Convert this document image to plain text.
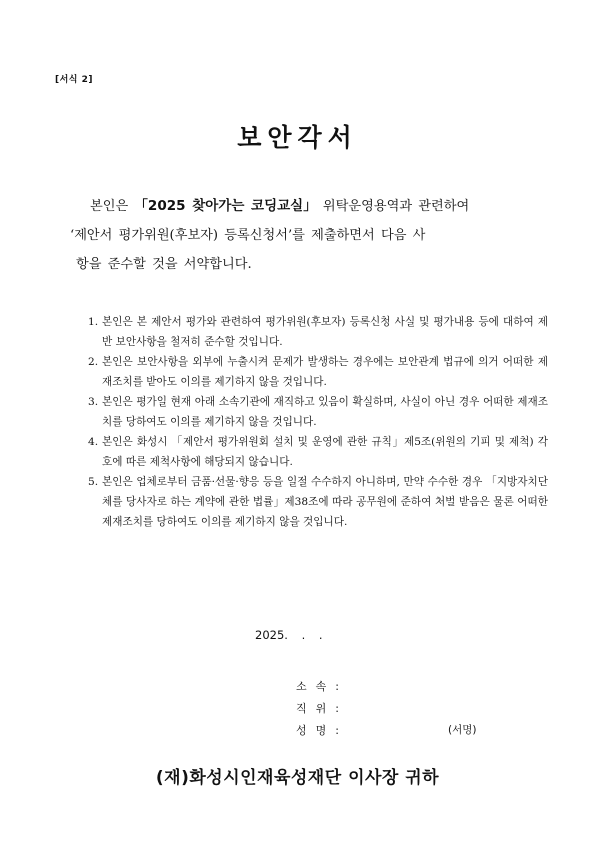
[서식 2]
보안각서
본인은 「2025 찾아가는 코딩교실」 위탁운영용역과 관련하여
‘제안서 평가위원(후보자) 등록신청서’를 제출하면서 다음 사
항을 준수할 것을 서약합니다.
1. 본인은 본 제안서 평가와 관련하여 평가위원(후보자) 등록신청 사실 및 평가내용 등에 대하여 제반 보안사항을 철저히 준수할 것입니다.
2. 본인은 보안사항을 외부에 누출시켜 문제가 발생하는 경우에는 보안관계 법규에 의거 어떠한 제재조치를 받아도 이의를 제기하지 않을 것입니다.
3. 본인은 평가일 현재 아래 소속기관에 재직하고 있음이 확실하며, 사실이 아닌 경우 어떠한 제재조치를 당하여도 이의를 제기하지 않을 것입니다.
4. 본인은 화성시 「제안서 평가위원회 설치 및 운영에 관한 규칙」제5조(위원의 기피 및 제척) 각 호에 따른 제척사항에 해당되지 않습니다.
5. 본인은 업체로부터 금품·선물·향응 등을 일절 수수하지 아니하며, 만약 수수한 경우 「지방자치단체를 당사자로 하는 계약에 관한 법률」제38조에 따라 공무원에 준하여 처벌 받음은 물론 어떠한 제재조치를 당하여도 이의를 제기하지 않을 것입니다.
2025. . .
소속:
직위:
성명:	(서명)
(재)화성시인재육성재단 이사장 귀하
